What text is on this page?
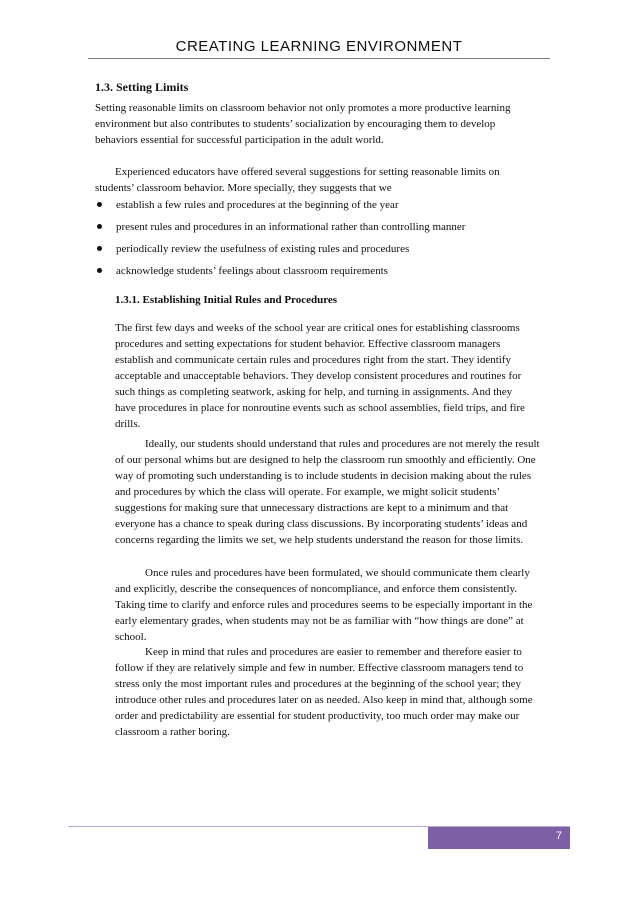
CREATING LEARNING ENVIRONMENT
1.3. Setting Limits

Setting reasonable limits on classroom behavior not only promotes a more productive learning environment but also contributes to students’ socialization by encouraging them to develop behaviors essential for successful participation in the adult world.

Experienced educators have offered several suggestions for setting reasonable limits on students’ classroom behavior. More specially, they suggests that we

establish a few rules and procedures at the beginning of the year
present rules and procedures in an informational rather than controlling manner
periodically review the usefulness of existing rules and procedures
acknowledge students’ feelings about classroom requirements
1.3.1. Establishing Initial Rules and Procedures

The first few days and weeks of the school year are critical ones for establishing classrooms procedures and setting expectations for student behavior. Effective classroom managers establish and communicate certain rules and procedures right from the start. They identify acceptable and unacceptable behaviors. They develop consistent procedures and routines for such things as completing seatwork, asking for help, and turning in assignments. And they have procedures in place for nonroutine events such as school assemblies, field trips, and fire drills.

Ideally, our students should understand that rules and procedures are not merely the result of our personal whims but are designed to help the classroom run smoothly and efficiently. One way of promoting such understanding is to include students in decision making about the rules and procedures by which the class will operate. For example, we might solicit students’ suggestions for making sure that unnecessary distractions are kept to a minimum and that everyone has a chance to speak during class discussions. By incorporating students’ ideas and concerns regarding the limits we set, we help students understand the reason for those limits.

Once rules and procedures have been formulated, we should communicate them clearly and explicitly, describe the consequences of noncompliance, and enforce them consistently. Taking time to clarify and enforce rules and procedures seems to be especially important in the early elementary grades, when students may not be as familiar with “how things are done” at school.

Keep in mind that rules and procedures are easier to remember and therefore easier to follow if they are relatively simple and few in number. Effective classroom managers tend to stress only the most important rules and procedures at the beginning of the school year; they introduce other rules and procedures later on as needed. Also keep in mind that, although some order and predictability are essential for student productivity, too much order may make our classroom a rather boring.

7
